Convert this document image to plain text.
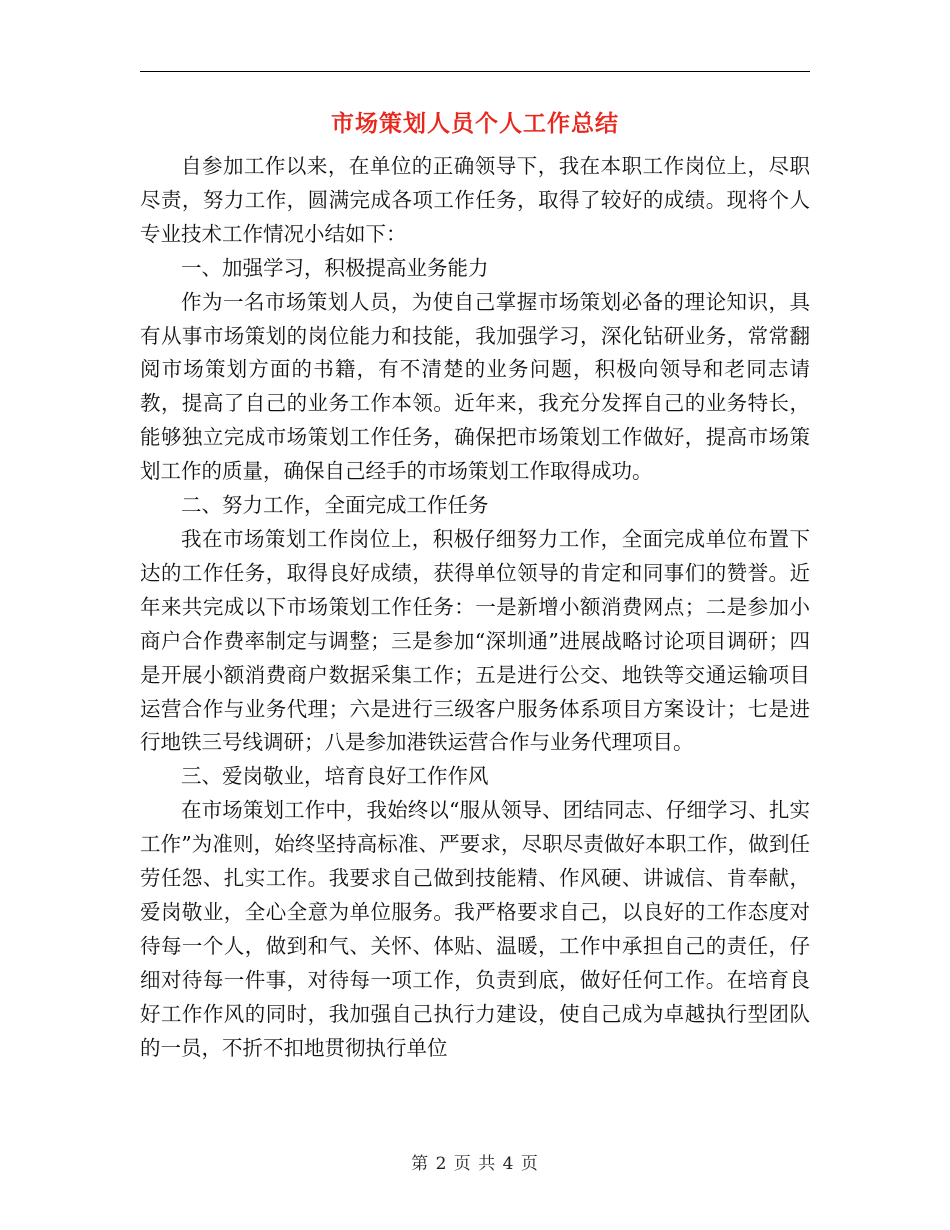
市场策划人员个人工作总结

自参加工作以来，在单位的正确领导下，我在本职工作岗位上，尽职尽责，努力工作，圆满完成各项工作任务，取得了较好的成绩。现将个人专业技术工作情况小结如下：

一、加强学习，积极提高业务能力

作为一名市场策划人员，为使自己掌握市场策划必备的理论知识，具有从事市场策划的岗位能力和技能，我加强学习，深化钻研业务，常常翻阅市场策划方面的书籍，有不清楚的业务问题，积极向领导和老同志请教，提高了自己的业务工作本领。近年来，我充分发挥自己的业务特长，能够独立完成市场策划工作任务，确保把市场策划工作做好，提高市场策划工作的质量，确保自己经手的市场策划工作取得成功。

二、努力工作，全面完成工作任务

我在市场策划工作岗位上，积极仔细努力工作，全面完成单位布置下达的工作任务，取得良好成绩，获得单位领导的肯定和同事们的赞誉。近年来共完成以下市场策划工作任务：一是新增小额消费网点；二是参加小商户合作费率制定与调整；三是参加“深圳通”进展战略讨论项目调研；四是开展小额消费商户数据采集工作；五是进行公交、地铁等交通运输项目运营合作与业务代理；六是进行三级客户服务体系项目方案设计；七是进行地铁三号线调研；八是参加港铁运营合作与业务代理项目。

三、爱岗敬业，培育良好工作作风

在市场策划工作中，我始终以“服从领导、团结同志、仔细学习、扎实工作”为准则，始终坚持高标准、严要求，尽职尽责做好本职工作，做到任劳任怨、扎实工作。我要求自己做到技能精、作风硬、讲诚信、肯奉献，爱岗敬业，全心全意为单位服务。我严格要求自己，以良好的工作态度对待每一个人，做到和气、关怀、体贴、温暖，工作中承担自己的责任，仔细对待每一件事，对待每一项工作，负责到底，做好任何工作。在培育良好工作作风的同时，我加强自己执行力建设，使自己成为卓越执行型团队的一员，不折不扣地贯彻执行单位

第 2 页 共 4 页
